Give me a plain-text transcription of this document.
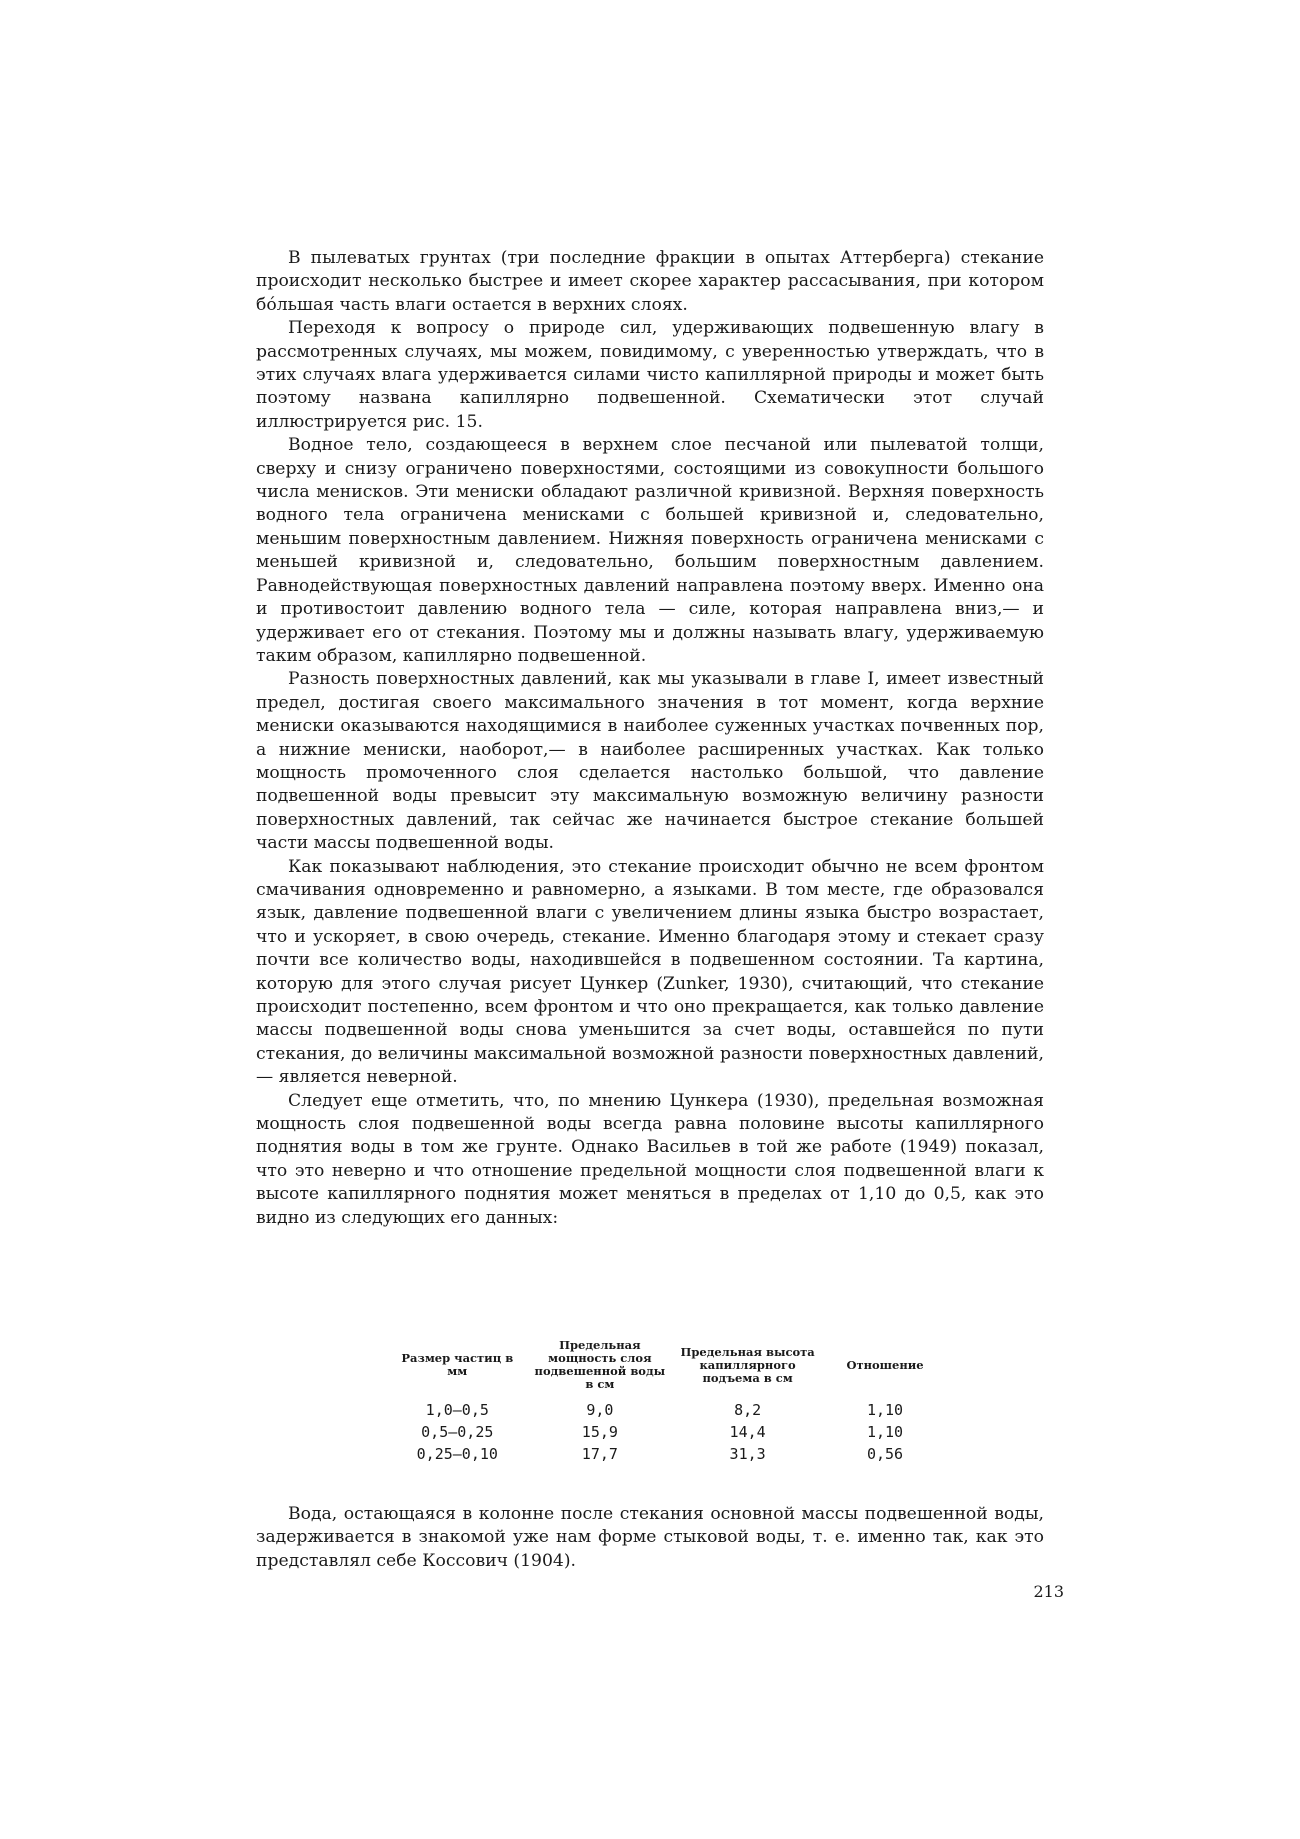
В пылеватых грунтах (три последние фракции в опытах Аттерберга) стекание происходит несколько быстрее и имеет скорее характер рассасывания, при котором бóльшая часть влаги остается в верхних слоях.

Переходя к вопросу о природе сил, удерживающих подвешенную влагу в рассмотренных случаях, мы можем, повидимому, с уверенностью утверждать, что в этих случаях влага удерживается силами чисто капиллярной природы и может быть поэтому названа капиллярно подвешенной. Схематически этот случай иллюстрируется рис. 15.

Водное тело, создающееся в верхнем слое песчаной или пылеватой толщи, сверху и снизу ограничено поверхностями, состоящими из совокупности большого числа менисков. Эти мениски обладают различной кривизной. Верхняя поверхность водного тела ограничена менисками с большей кривизной и, следовательно, меньшим поверхностным давлением. Нижняя поверхность ограничена менисками с меньшей кривизной и, следовательно, большим поверхностным давлением. Равнодействующая поверхностных давлений направлена поэтому вверх. Именно она и противостоит давлению водного тела — силе, которая направлена вниз,— и удерживает его от стекания. Поэтому мы и должны называть влагу, удерживаемую таким образом, капиллярно подвешенной.

Разность поверхностных давлений, как мы указывали в главе I, имеет известный предел, достигая своего максимального значения в тот момент, когда верхние мениски оказываются находящимися в наиболее суженных участках почвенных пор, а нижние мениски, наоборот,— в наиболее расширенных участках. Как только мощность промоченного слоя сделается настолько большой, что давление подвешенной воды превысит эту максимальную возможную величину разности поверхностных давлений, так сейчас же начинается быстрое стекание большей части массы подвешенной воды.

Как показывают наблюдения, это стекание происходит обычно не всем фронтом смачивания одновременно и равномерно, а языками. В том месте, где образовался язык, давление подвешенной влаги с увеличением длины языка быстро возрастает, что и ускоряет, в свою очередь, стекание. Именно благодаря этому и стекает сразу почти все количество воды, находившейся в подвешенном состоянии. Та картина, которую для этого случая рисует Цункер (Zunker, 1930), считающий, что стекание происходит постепенно, всем фронтом и что оно прекращается, как только давление массы подвешенной воды снова уменьшится за счет воды, оставшейся по пути стекания, до величины максимальной возможной разности поверхностных давлений,— является неверной.

Следует еще отметить, что, по мнению Цункера (1930), предельная возможная мощность слоя подвешенной воды всегда равна половине высоты капиллярного поднятия воды в том же грунте. Однако Васильев в той же работе (1949) показал, что это неверно и что отношение предельной мощности слоя подвешенной влаги к высоте капиллярного поднятия может меняться в пределах от 1,10 до 0,5, как это видно из следующих его данных:

Размер частиц в мм	Предельная мощность слоя подвешенной воды в см	Предельная высота капиллярного подъема в см	Отношение
1,0—0,5	9,0	8,2	1,10
0,5—0,25	15,9	14,4	1,10
0,25—0,10	17,7	31,3	0,56

Вода, остающаяся в колонне после стекания основной массы подвешенной воды, задерживается в знакомой уже нам форме стыковой воды, т. е. именно так, как это представлял себе Коссович (1904).

213
